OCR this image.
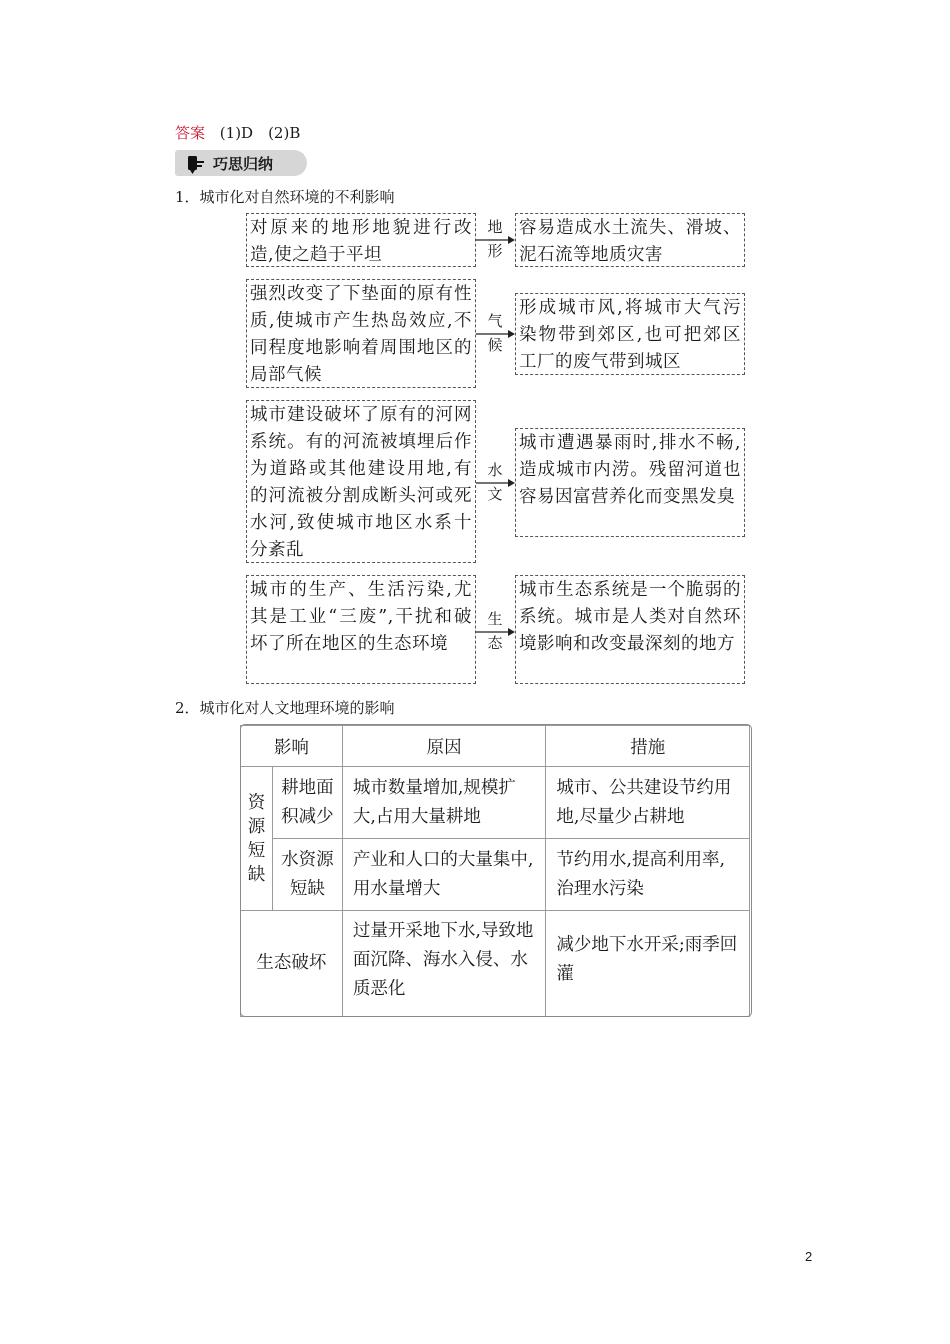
答案 (1)D　(2)B
巧思归纳
1．城市化对自然环境的不利影响
对原来的地形地貌进行改造,使之趋于平坦
地形
容易造成水土流失、滑坡、泥石流等地质灾害
强烈改变了下垫面的原有性质,使城市产生热岛效应,不同程度地影响着周围地区的局部气候
气候
形成城市风,将城市大气污染物带到郊区,也可把郊区工厂的废气带到城区
城市建设破坏了原有的河网系统。有的河流被填埋后作为道路或其他建设用地,有的河流被分割成断头河或死水河,致使城市地区水系十分紊乱
水文
城市遭遇暴雨时,排水不畅,造成城市内涝。残留河道也容易因富营养化而变黑发臭
城市的生产、生活污染,尤其是工业“三废”,干扰和破坏了所在地区的生态环境
生态
城市生态系统是一个脆弱的系统。城市是人类对自然环境影响和改变最深刻的地方
2．城市化对人文地理环境的影响
影响		原因	措施

资源短缺	耕地面积减少	城市数量增加,规模扩大,占用大量耕地	城市、公共建设节约用地,尽量少占耕地

	水资源短缺	产业和人口的大量集中,用水量增大	节约用水,提高利用率,治理水污染

生态破坏		过量开采地下水,导致地面沉降、海水入侵、水质恶化	减少地下水开采;雨季回灌
2
